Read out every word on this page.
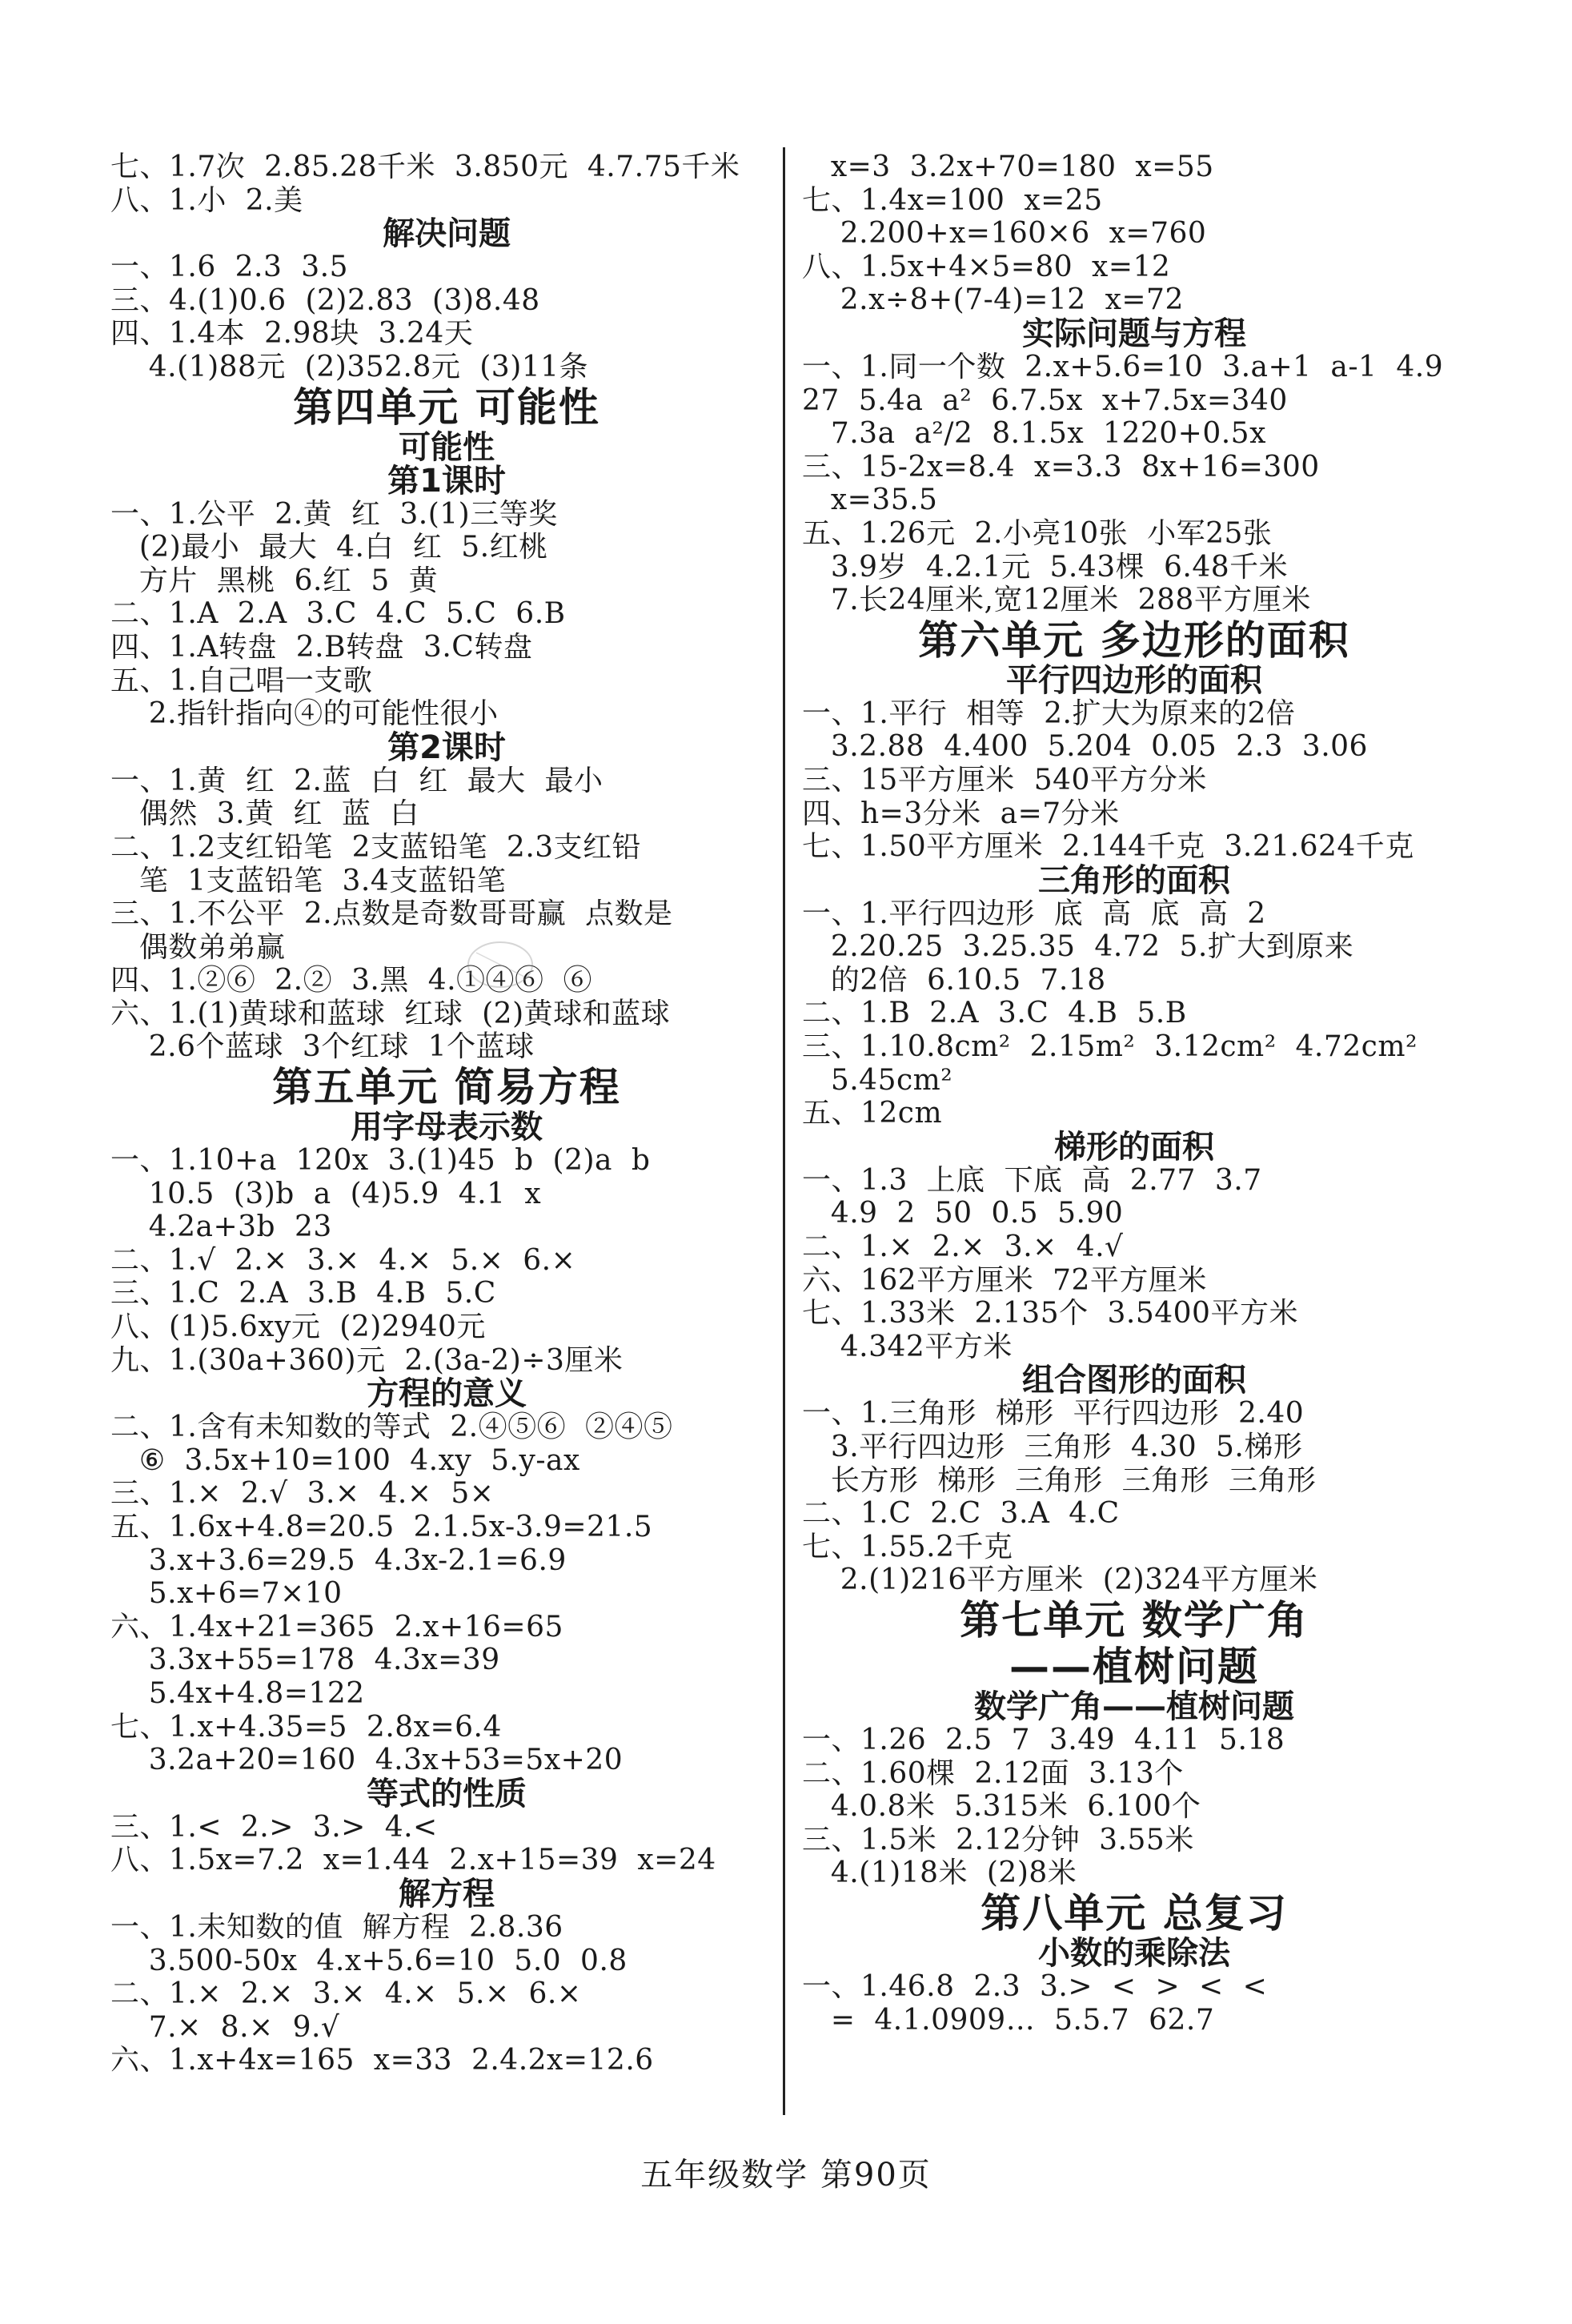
七、1.7次  2.85.28千米  3.850元  4.7.75千米
八、1.小  2.美
解决问题
一、1.6  2.3  3.5
三、4.(1)0.6  (2)2.83  (3)8.48
四、1.4本  2.98块  3.24天
4.(1)88元  (2)352.8元  (3)11条
第四单元 可能性
可能性
第1课时
一、1.公平  2.黄  红  3.(1)三等奖
(2)最小  最大  4.白  红  5.红桃
方片  黑桃  6.红  5  黄
二、1.A  2.A  3.C  4.C  5.C  6.B
四、1.A转盘  2.B转盘  3.C转盘
五、1.自己唱一支歌
2.指针指向④的可能性很小
第2课时
一、1.黄  红  2.蓝  白  红  最大  最小
偶然  3.黄  红  蓝  白
二、1.2支红铅笔  2支蓝铅笔  2.3支红铅
笔  1支蓝铅笔  3.4支蓝铅笔
三、1.不公平  2.点数是奇数哥哥赢  点数是
偶数弟弟赢
四、1.②⑥  2.②  3.黑  4.①④⑥  ⑥
六、1.(1)黄球和蓝球  红球  (2)黄球和蓝球
2.6个蓝球  3个红球  1个蓝球
第五单元 简易方程
用字母表示数
一、1.10+a  120x  3.(1)45  b  (2)a  b
10.5  (3)b  a  (4)5.9  4.1  x
4.2a+3b  23
二、1.√  2.×  3.×  4.×  5.×  6.×
三、1.C  2.A  3.B  4.B  5.C
八、(1)5.6xy元  (2)2940元
九、1.(30a+360)元  2.(3a-2)÷3厘米
方程的意义
二、1.含有未知数的等式  2.④⑤⑥  ②④⑤
⑥  3.5x+10=100  4.xy  5.y-ax
三、1.×  2.√  3.×  4.×  5×
五、1.6x+4.8=20.5  2.1.5x-3.9=21.5
3.x+3.6=29.5  4.3x-2.1=6.9
5.x+6=7×10
六、1.4x+21=365  2.x+16=65
3.3x+55=178  4.3x=39
5.4x+4.8=122
七、1.x+4.35=5  2.8x=6.4
3.2a+20=160  4.3x+53=5x+20
等式的性质
三、1.<  2.>  3.>  4.<
八、1.5x=7.2  x=1.44  2.x+15=39  x=24
解方程
一、1.未知数的值  解方程  2.8.36
3.500-50x  4.x+5.6=10  5.0  0.8
二、1.×  2.×  3.×  4.×  5.×  6.×
7.×  8.×  9.√
六、1.x+4x=165  x=33  2.4.2x=12.6
x=3  3.2x+70=180  x=55
七、1.4x=100  x=25
2.200+x=160×6  x=760
八、1.5x+4×5=80  x=12
2.x÷8+(7-4)=12  x=72
实际问题与方程
一、1.同一个数  2.x+5.6=10  3.a+1  a-1  4.9
27  5.4a  a²  6.7.5x  x+7.5x=340
7.3a  a²/2  8.1.5x  1220+0.5x
三、15-2x=8.4  x=3.3  8x+16=300
x=35.5
五、1.26元  2.小亮10张  小军25张
3.9岁  4.2.1元  5.43棵  6.48千米
7.长24厘米,宽12厘米  288平方厘米
第六单元 多边形的面积
平行四边形的面积
一、1.平行  相等  2.扩大为原来的2倍
3.2.88  4.400  5.204  0.05  2.3  3.06
三、15平方厘米  540平方分米
四、h=3分米  a=7分米
七、1.50平方厘米  2.144千克  3.21.624千克
三角形的面积
一、1.平行四边形  底  高  底  高  2
2.20.25  3.25.35  4.72  5.扩大到原来
的2倍  6.10.5  7.18
二、1.B  2.A  3.C  4.B  5.B
三、1.10.8cm²  2.15m²  3.12cm²  4.72cm²
5.45cm²
五、12cm
梯形的面积
一、1.3  上底  下底  高  2.77  3.7
4.9  2  50  0.5  5.90
二、1.×  2.×  3.×  4.√
六、162平方厘米  72平方厘米
七、1.33米  2.135个  3.5400平方米
4.342平方米
组合图形的面积
一、1.三角形  梯形  平行四边形  2.40
3.平行四边形  三角形  4.30  5.梯形
长方形  梯形  三角形  三角形  三角形
二、1.C  2.C  3.A  4.C
七、1.55.2千克
2.(1)216平方厘米  (2)324平方厘米
第七单元 数学广角
——植树问题
数学广角——植树问题
一、1.26  2.5  7  3.49  4.11  5.18
二、1.60棵  2.12面  3.13个
4.0.8米  5.315米  6.100个
三、1.5米  2.12分钟  3.55米
4.(1)18米  (2)8米
第八单元 总复习
小数的乘除法
一、1.46.8  2.3  3.>  <  >  <  <
=  4.1.0909…  5.5.7  62.7
五年级数学 第90页
